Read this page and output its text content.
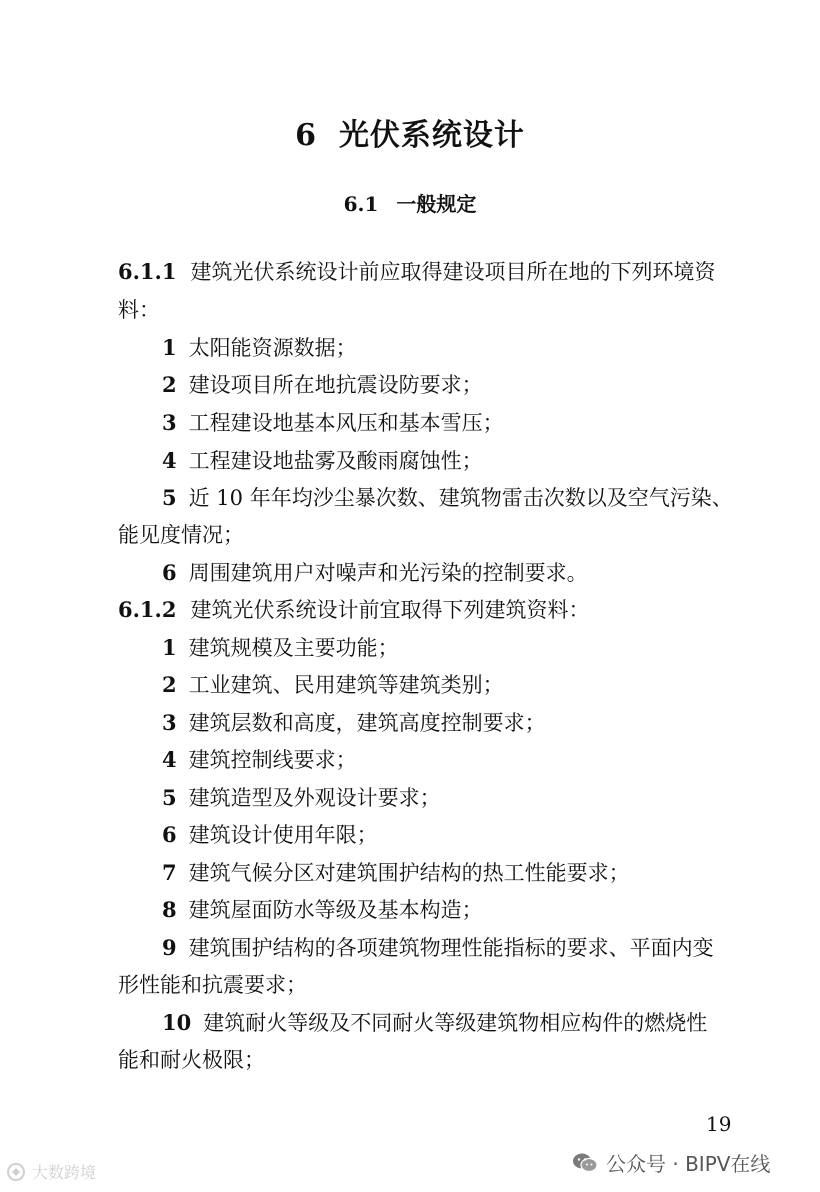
6 光伏系统设计
6.1 一般规定
6.1.1 建筑光伏系统设计前应取得建设项目所在地的下列环境资
料：
1 太阳能资源数据；
2 建设项目所在地抗震设防要求；
3 工程建设地基本风压和基本雪压；
4 工程建设地盐雾及酸雨腐蚀性；
5 近 10 年年均沙尘暴次数、建筑物雷击次数以及空气污染、
能见度情况；
6 周围建筑用户对噪声和光污染的控制要求。
6.1.2 建筑光伏系统设计前宜取得下列建筑资料：
1 建筑规模及主要功能；
2 工业建筑、民用建筑等建筑类别；
3 建筑层数和高度，建筑高度控制要求；
4 建筑控制线要求；
5 建筑造型及外观设计要求；
6 建筑设计使用年限；
7 建筑气候分区对建筑围护结构的热工性能要求；
8 建筑屋面防水等级及基本构造；
9 建筑围护结构的各项建筑物理性能指标的要求、平面内变
形性能和抗震要求；
10 建筑耐火等级及不同耐火等级建筑物相应构件的燃烧性
能和耐火极限；
19
公众号 · BIPV在线
大数跨境
